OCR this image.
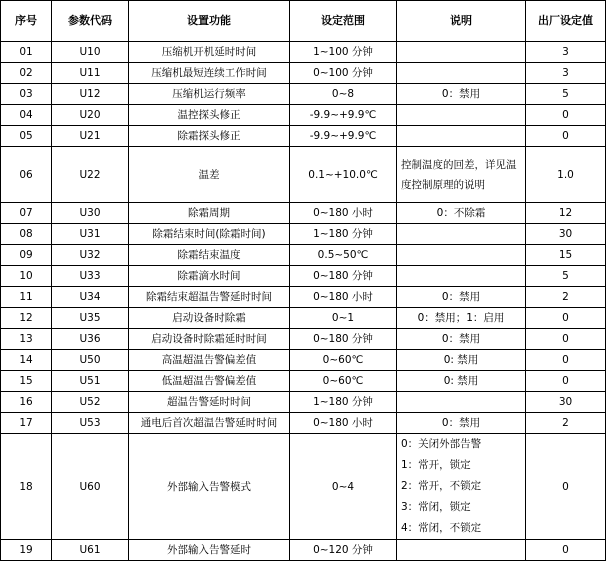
序号	参数代码	设置功能	设定范围	说明	出厂设定值
01	U10	压缩机开机延时时间	1~100 分钟		3
02	U11	压缩机最短连续工作时间	0~100 分钟		3
03	U12	压缩机运行频率	0~8	0：禁用	5
04	U20	温控探头修正	-9.9~+9.9℃		0
05	U21	除霜探头修正	-9.9~+9.9℃		0
06	U22	温差	0.1~+10.0℃	控制温度的回差，详见温度控制原理的说明	1.0
07	U30	除霜周期	0~180 小时	0：不除霜	12
08	U31	除霜结束时间(除霜时间)	1~180 分钟		30
09	U32	除霜结束温度	0.5~50℃		15
10	U33	除霜滴水时间	0~180 分钟		5
11	U34	除霜结束超温告警延时时间	0~180 小时	0：禁用	2
12	U35	启动设备时除霜	0~1	0：禁用；1：启用	0
13	U36	启动设备时除霜延时时间	0~180 分钟	0：禁用	0
14	U50	高温超温告警偏差值	0~60℃	0: 禁用	0
15	U51	低温超温告警偏差值	0~60℃	0: 禁用	0
16	U52	超温告警延时时间	1~180 分钟		30
17	U53	通电后首次超温告警延时时间	0~180 小时	0：禁用	2
18	U60	外部输入告警模式	0~4	0：关闭外部告警
1：常开，锁定
2：常开，不锁定
3：常闭，锁定
4：常闭，不锁定	0
19	U61	外部输入告警延时	0~120 分钟		0
